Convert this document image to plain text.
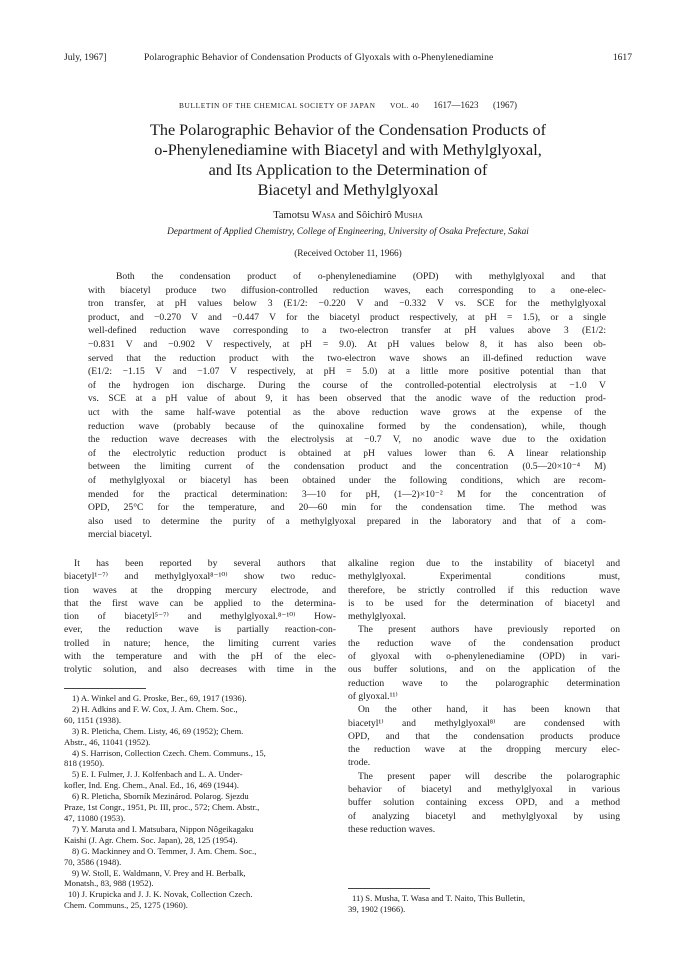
July, 1967]	Polarographic Behavior of Condensation Products of Glyoxals with o-Phenylenediamine	1617
BULLETIN OF THE CHEMICAL SOCIETY OF JAPAN VOL. 40 1617—1623 (1967)
The Polarographic Behavior of the Condensation Products of
o-Phenylenediamine with Biacetyl and with Methylglyoxal,
and Its Application to the Determination of
Biacetyl and Methylglyoxal
Tamotsu Wasa and Sôichirô Musha
Department of Applied Chemistry, College of Engineering, University of Osaka Prefecture, Sakai
(Received October 11, 1966)
Both the condensation product of o-phenylenediamine (OPD) with methylglyoxal and that
with biacetyl produce two diffusion-controlled reduction waves, each corresponding to a one-elec-
tron transfer, at pH values below 3 (E1/2: −0.220 V and −0.332 V vs. SCE for the methylglyoxal
product, and −0.270 V and −0.447 V for the biacetyl product respectively, at pH = 1.5), or a single
well-defined reduction wave corresponding to a two-electron transfer at pH values above 3 (E1/2:
−0.831 V and −0.902 V respectively, at pH = 9.0). At pH values below 8, it has also been ob-
served that the reduction product with the two-electron wave shows an ill-defined reduction wave
(E1/2: −1.15 V and −1.07 V respectively, at pH = 5.0) at a little more positive potential than that
of the hydrogen ion discharge. During the course of the controlled-potential electrolysis at −1.0 V
vs. SCE at a pH value of about 9, it has been observed that the anodic wave of the reduction prod-
uct with the same half-wave potential as the above reduction wave grows at the expense of the
reduction wave (probably because of the quinoxaline formed by the condensation), while, though
the reduction wave decreases with the electrolysis at −0.7 V, no anodic wave due to the oxidation
of the electrolytic reduction product is obtained at pH values lower than 6. A linear relationship
between the limiting current of the condensation product and the concentration (0.5—20×10⁻⁴ M)
of methylglyoxal or biacetyl has been obtained under the following conditions, which are recom-
mended for the practical determination: 3—10 for pH, (1—2)×10⁻² M for the concentration of
OPD, 25°C for the temperature, and 20—60 min for the condensation time. The method was
also used to determine the purity of a methylglyoxal prepared in the laboratory and that of a com-
mercial biacetyl.
It has been reported by several authors that
biacetyl¹⁻⁷⁾ and methylglyoxal⁸⁻¹⁰⁾ show two reduc-
tion waves at the dropping mercury electrode, and
that the first wave can be applied to the determina-
tion of biacetyl⁵⁻⁷⁾ and methylglyoxal.⁸⁻¹⁰⁾ How-
ever, the reduction wave is partially reaction-con-
trolled in nature; hence, the limiting current varies
with the temperature and with the pH of the elec-
trolytic solution, and also decreases with time in the
1) A. Winkel and G. Proske, Ber., 69, 1917 (1936).
2) H. Adkins and F. W. Cox, J. Am. Chem. Soc.,
60, 1151 (1938).
3) R. Pleticha, Chem. Listy, 46, 69 (1952); Chem.
Abstr., 46, 11041 (1952).
4) S. Harrison, Collection Czech. Chem. Communs., 15,
818 (1950).
5) E. I. Fulmer, J. J. Kolfenbach and L. A. Under-
kofler, Ind. Eng. Chem., Anal. Ed., 16, 469 (1944).
6) R. Pleticha, Sborník Mezinárod. Polarog. Sjezdu
Praze, 1st Congr., 1951, Pt. III, proc., 572; Chem. Abstr.,
47, 11080 (1953).
7) Y. Maruta and I. Matsubara, Nippon Nôgeikagaku
Kaishi (J. Agr. Chem. Soc. Japan), 28, 125 (1954).
8) G. Mackinney and O. Temmer, J. Am. Chem. Soc.,
70, 3586 (1948).
9) W. Stoll, E. Waldmann, V. Prey and H. Berbalk,
Monatsh., 83, 988 (1952).
10) J. Krupicka and J. J. K. Novak, Collection Czech.
Chem. Communs., 25, 1275 (1960).
alkaline region due to the instability of biacetyl and
methylglyoxal. Experimental conditions must,
therefore, be strictly controlled if this reduction wave
is to be used for the determination of biacetyl and
methylglyoxal.
The present authors have previously reported on
the reduction wave of the condensation product
of glyoxal with o-phenylenediamine (OPD) in vari-
ous buffer solutions, and on the application of the
reduction wave to the polarographic determination
of glyoxal.¹¹⁾
On the other hand, it has been known that
biacetyl¹⁾ and methylglyoxal⁸⁾ are condensed with
OPD, and that the condensation products produce
the reduction wave at the dropping mercury elec-
trode.
The present paper will describe the polarographic
behavior of biacetyl and methylglyoxal in various
buffer solution containing excess OPD, and a method
of analyzing biacetyl and methylglyoxal by using
these reduction waves.
11) S. Musha, T. Wasa and T. Naito, This Bulletin,
39, 1902 (1966).
